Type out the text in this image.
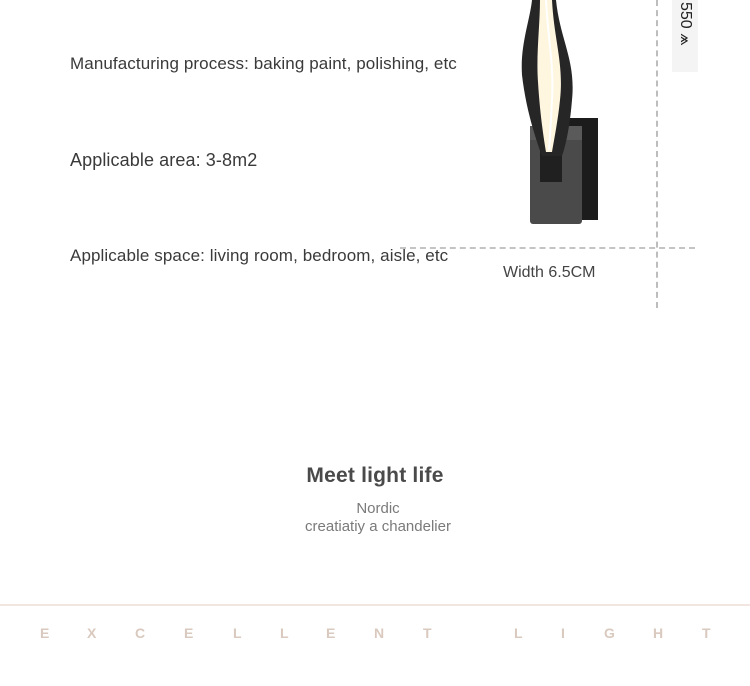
Manufacturing process: baking paint, polishing, etc
Applicable area: 3-8m2
Applicable space: living room, bedroom, aisle, etc
550 ⩕
Width 6.5CM
Meet light life
Nordic
creatiatiy a chandelier
E	X	C	E	L	L	E	N	T	L	I	G	H	T
